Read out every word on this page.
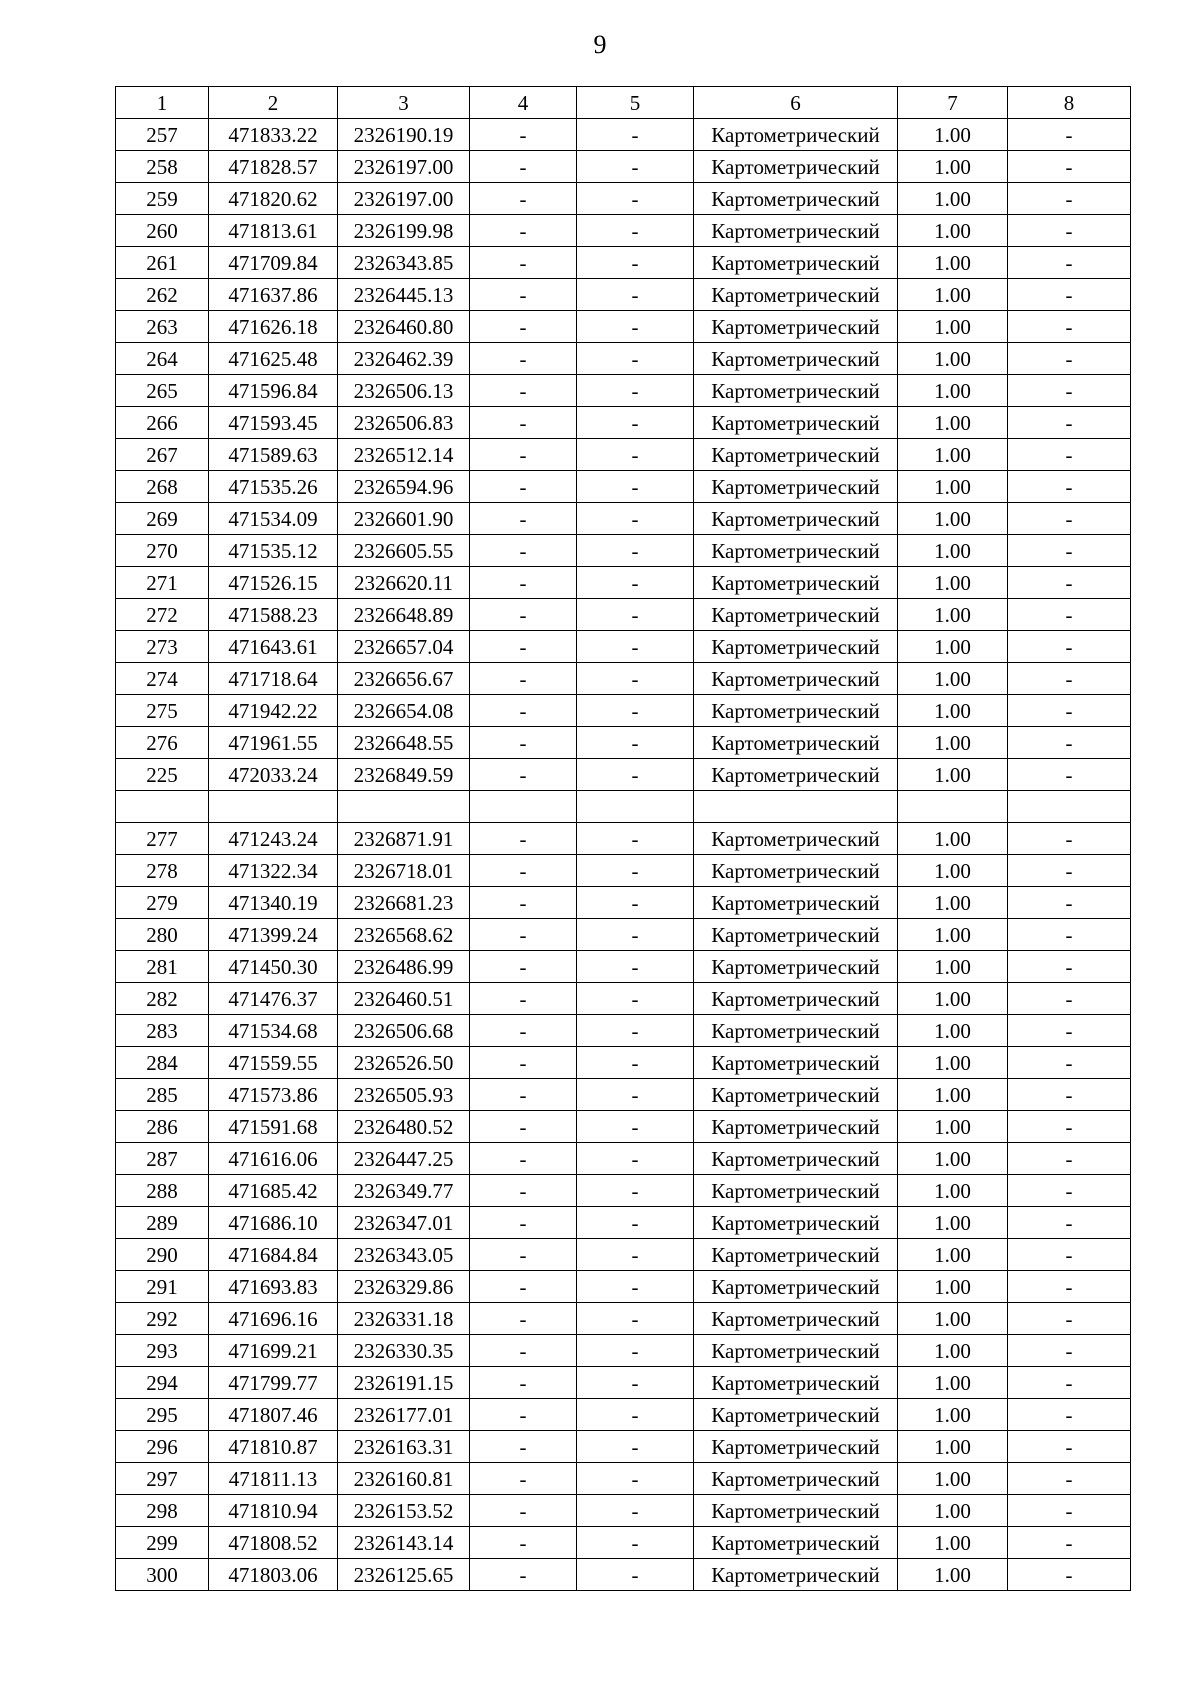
9
1	2	3	4	5	6	7	8
257	471833.22	2326190.19	-	-	Картометрический	1.00	-
258	471828.57	2326197.00	-	-	Картометрический	1.00	-
259	471820.62	2326197.00	-	-	Картометрический	1.00	-
260	471813.61	2326199.98	-	-	Картометрический	1.00	-
261	471709.84	2326343.85	-	-	Картометрический	1.00	-
262	471637.86	2326445.13	-	-	Картометрический	1.00	-
263	471626.18	2326460.80	-	-	Картометрический	1.00	-
264	471625.48	2326462.39	-	-	Картометрический	1.00	-
265	471596.84	2326506.13	-	-	Картометрический	1.00	-
266	471593.45	2326506.83	-	-	Картометрический	1.00	-
267	471589.63	2326512.14	-	-	Картометрический	1.00	-
268	471535.26	2326594.96	-	-	Картометрический	1.00	-
269	471534.09	2326601.90	-	-	Картометрический	1.00	-
270	471535.12	2326605.55	-	-	Картометрический	1.00	-
271	471526.15	2326620.11	-	-	Картометрический	1.00	-
272	471588.23	2326648.89	-	-	Картометрический	1.00	-
273	471643.61	2326657.04	-	-	Картометрический	1.00	-
274	471718.64	2326656.67	-	-	Картометрический	1.00	-
275	471942.22	2326654.08	-	-	Картометрический	1.00	-
276	471961.55	2326648.55	-	-	Картометрический	1.00	-
225	472033.24	2326849.59	-	-	Картометрический	1.00	-

277	471243.24	2326871.91	-	-	Картометрический	1.00	-
278	471322.34	2326718.01	-	-	Картометрический	1.00	-
279	471340.19	2326681.23	-	-	Картометрический	1.00	-
280	471399.24	2326568.62	-	-	Картометрический	1.00	-
281	471450.30	2326486.99	-	-	Картометрический	1.00	-
282	471476.37	2326460.51	-	-	Картометрический	1.00	-
283	471534.68	2326506.68	-	-	Картометрический	1.00	-
284	471559.55	2326526.50	-	-	Картометрический	1.00	-
285	471573.86	2326505.93	-	-	Картометрический	1.00	-
286	471591.68	2326480.52	-	-	Картометрический	1.00	-
287	471616.06	2326447.25	-	-	Картометрический	1.00	-
288	471685.42	2326349.77	-	-	Картометрический	1.00	-
289	471686.10	2326347.01	-	-	Картометрический	1.00	-
290	471684.84	2326343.05	-	-	Картометрический	1.00	-
291	471693.83	2326329.86	-	-	Картометрический	1.00	-
292	471696.16	2326331.18	-	-	Картометрический	1.00	-
293	471699.21	2326330.35	-	-	Картометрический	1.00	-
294	471799.77	2326191.15	-	-	Картометрический	1.00	-
295	471807.46	2326177.01	-	-	Картометрический	1.00	-
296	471810.87	2326163.31	-	-	Картометрический	1.00	-
297	471811.13	2326160.81	-	-	Картометрический	1.00	-
298	471810.94	2326153.52	-	-	Картометрический	1.00	-
299	471808.52	2326143.14	-	-	Картометрический	1.00	-
300	471803.06	2326125.65	-	-	Картометрический	1.00	-
